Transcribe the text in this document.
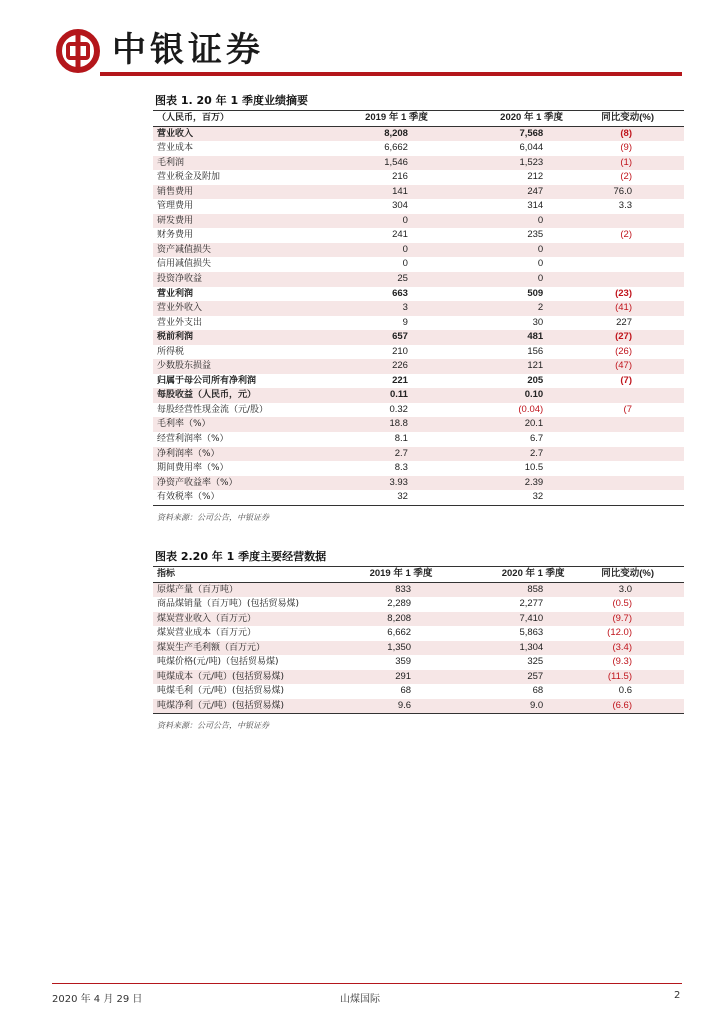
中银证券
图表 1. 20 年 1 季度业绩摘要
（人民币，百万）	2019 年 1 季度	2020 年 1 季度	同比变动(%)
营业收入	8,208	7,568	(8)
营业成本	6,662	6,044	(9)
毛利润	1,546	1,523	(1)
营业税金及附加	216	212	(2)
销售费用	141	247	76.0
管理费用	304	314	3.3
研发费用	0	0	
财务费用	241	235	(2)
资产减值损失	0	0	
信用减值损失	0	0	
投资净收益	25	0	
营业利润	663	509	(23)
营业外收入	3	2	(41)
营业外支出	9	30	227
税前利润	657	481	(27)
所得税	210	156	(26)
少数股东损益	226	121	(47)
归属于母公司所有净利润	221	205	(7)
每股收益（人民币，元）	0.11	0.10	
每股经营性现金流（元/股）	0.32	(0.04)	(7
毛利率（%）	18.8	20.1	
经营利润率（%）	8.1	6.7	
净利润率（%）	2.7	2.7	
期间费用率（%）	8.3	10.5	
净资产收益率（%）	3.93	2.39	
有效税率（%）	32	32	
资料来源：公司公告，中银证券
图表 2.20 年 1 季度主要经营数据
指标	2019 年 1 季度	2020 年 1 季度	同比变动(%)
原煤产量（百万吨）	833	858	3.0
商品煤销量（百万吨）(包括贸易煤)	2,289	2,277	(0.5)
煤炭营业收入（百万元）	8,208	7,410	(9.7)
煤炭营业成本（百万元）	6,662	5,863	(12.0)
煤炭生产毛利额（百万元）	1,350	1,304	(3.4)
吨煤价格(元/吨)（包括贸易煤)	359	325	(9.3)
吨煤成本（元/吨）(包括贸易煤)	291	257	(11.5)
吨煤毛利（元/吨）(包括贸易煤)	68	68	0.6
吨煤净利（元/吨）(包括贸易煤)	9.6	9.0	(6.6)
资料来源：公司公告，中银证券
2020 年 4 月 29 日	山煤国际	2
